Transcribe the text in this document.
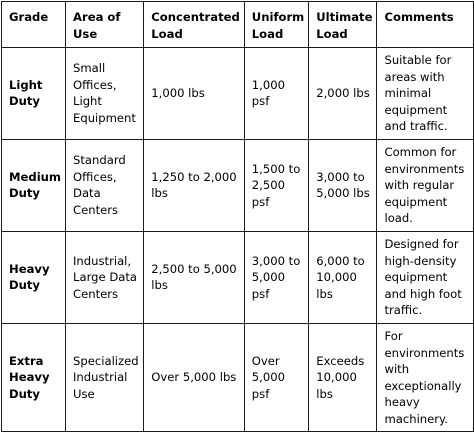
Grade	Area of Use	Concentrated Load	Uniform Load	Ultimate Load	Comments
Light Duty	Small Offices, Light Equipment	1,000 lbs	1,000 psf	2,000 lbs	Suitable for areas with minimal equipment and traffic.
Medium Duty	Standard Offices, Data Centers	1,250 to 2,000 lbs	1,500 to 2,500 psf	3,000 to 5,000 lbs	Common for environments with regular equipment load.
Heavy Duty	Industrial, Large Data Centers	2,500 to 5,000 lbs	3,000 to 5,000 psf	6,000 to 10,000 lbs	Designed for high-density equipment and high foot traffic.
Extra Heavy Duty	Specialized Industrial Use	Over 5,000 lbs	Over 5,000 psf	Exceeds 10,000 lbs	For environments with exceptionally heavy machinery.
